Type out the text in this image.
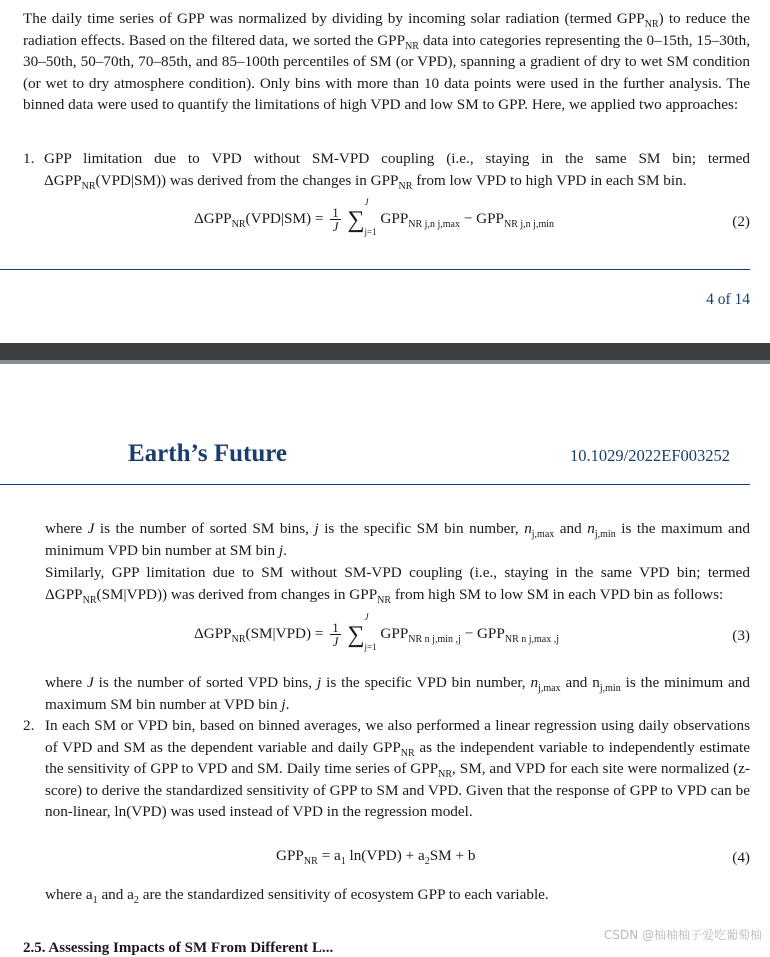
The daily time series of GPP was normalized by dividing by incoming solar radiation (termed $GPP_{NR}$) to reduce the radiation effects. Based on the filtered data, we sorted the $GPP_{NR}$ data into categories representing the 0–15th, 15–30th, 30–50th, 50–70th, 70–85th, and 85–100th percentiles of SM (or VPD), spanning a gradient of dry to wet SM condition (or wet to dry atmosphere condition). Only bins with more than 10 data points were used in the further analysis. The binned data were used to quantify the limitations of high VPD and low SM to GPP. Here, we applied two approaches:
1. GPP limitation due to VPD without SM-VPD coupling (i.e., staying in the same SM bin; termed $\Delta GPP_{NR}(VPD|SM)$) was derived from the changes in $GPP_{NR}$ from low VPD to high VPD in each SM bin.
$\Delta GPP_{NR}(VPD|SM) = \frac{1}{J}$ ∑
J
j=1
$GPP_{NR j,n j,max} - GPP_{NR j,n j,min}$	(2)
4 of 14
Earth’s Future	10.1029/2022EF003252
where J is the number of sorted SM bins, j is the specific SM bin number, $n_{j,max}$ and $n_{j,min}$ is the maximum and minimum VPD bin number at SM bin j.
Similarly, GPP limitation due to SM without SM-VPD coupling (i.e., staying in the same VPD bin; termed $\Delta GPP_{NR}(SM|VPD)$) was derived from changes in $GPP_{NR}$ from high SM to low SM in each VPD bin as follows:
$\Delta GPP_{NR}(SM|VPD) = \frac{1}{J}$ ∑
J
j=1
$GPP_{NR n j,min ,j} - GPP_{NR n j,max ,j}$	(3)
where J is the number of sorted VPD bins, j is the specific VPD bin number, $n_{j,max}$ and $n_{j,min}$ is the minimum and maximum SM bin number at VPD bin j.
2. In each SM or VPD bin, based on binned averages, we also performed a linear regression using daily observations of VPD and SM as the dependent variable and daily $GPP_{NR}$ as the independent variable to independently estimate the sensitivity of GPP to VPD and SM. Daily time series of $GPP_{NR}$, SM, and VPD for each site were normalized (z-score) to derive the standardized sensitivity of GPP to SM and VPD. Given that the response of GPP to VPD can be non-linear, ln(VPD) was used instead of VPD in the regression model.
$GPP_{NR} = a_1$ $\ln(VPD) + a_2SM + b$	(4)
where $a_1$ and $a_2$ are the standardized sensitivity of ecosystem GPP to each variable.
2.5. Assessing Impacts of SM From Different L...
CSDN @柚柚柚子爱吃葡萄柚
